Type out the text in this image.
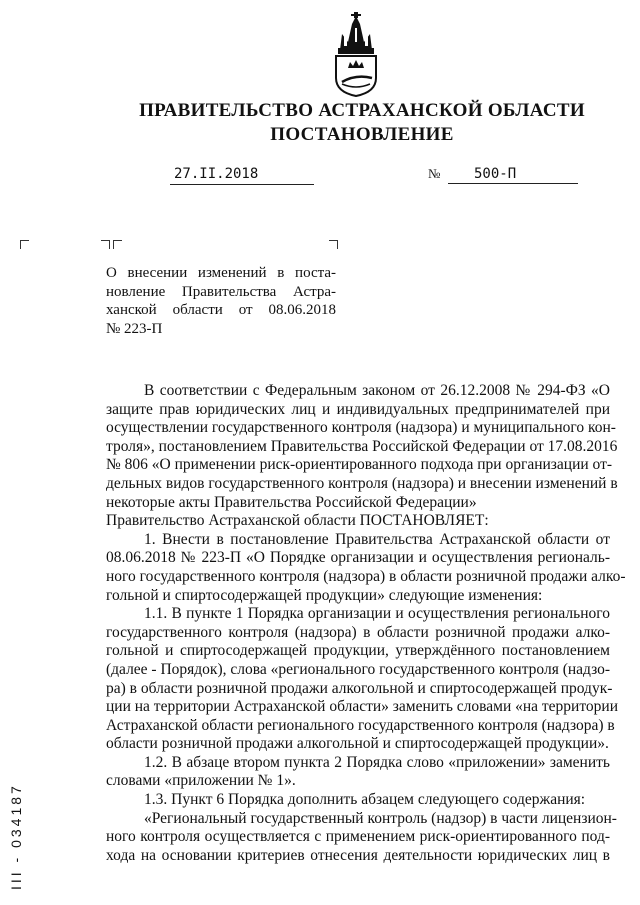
ПРАВИТЕЛЬСТВО АСТРАХАНСКОЙ ОБЛАСТИ
ПОСТАНОВЛЕНИЕ
27.II.2018	№	500-П
О внесении изменений в поста-
новление Правительства Астра-
ханской области от 08.06.2018
№ 223-П
В соответствии с Федеральным законом от 26.12.2008 № 294-ФЗ «О
защите прав юридических лиц и индивидуальных предпринимателей при
осуществлении государственного контроля (надзора) и муниципального кон-
троля», постановлением Правительства Российской Федерации от 17.08.2016
№ 806 «О применении риск-ориентированного подхода при организации от-
дельных видов государственного контроля (надзора) и внесении изменений в
некоторые акты Правительства Российской Федерации»
Правительство Астраханской области ПОСТАНОВЛЯЕТ:
1. Внести в постановление Правительства Астраханской области от
08.06.2018 № 223-П «О Порядке организации и осуществления региональ-
ного государственного контроля (надзора) в области розничной продажи алко-
гольной и спиртосодержащей продукции» следующие изменения:
1.1. В пункте 1 Порядка организации и осуществления регионального
государственного контроля (надзора) в области розничной продажи алко-
гольной и спиртосодержащей продукции, утверждённого постановлением
(далее - Порядок), слова «регионального государственного контроля (надзо-
ра) в области розничной продажи алкогольной и спиртосодержащей продук-
ции на территории Астраханской области» заменить словами «на территории
Астраханской области регионального государственного контроля (надзора) в
области розничной продажи алкогольной и спиртосодержащей продукции».
1.2. В абзаце втором пункта 2 Порядка слово «приложении» заменить
словами «приложении № 1».
1.3. Пункт 6 Порядка дополнить абзацем следующего содержания:
«Региональный государственный контроль (надзор) в части лицензион-
ного контроля осуществляется с применением риск-ориентированного под-
хода на основании критериев отнесения деятельности юридических лиц в
III - 034187
